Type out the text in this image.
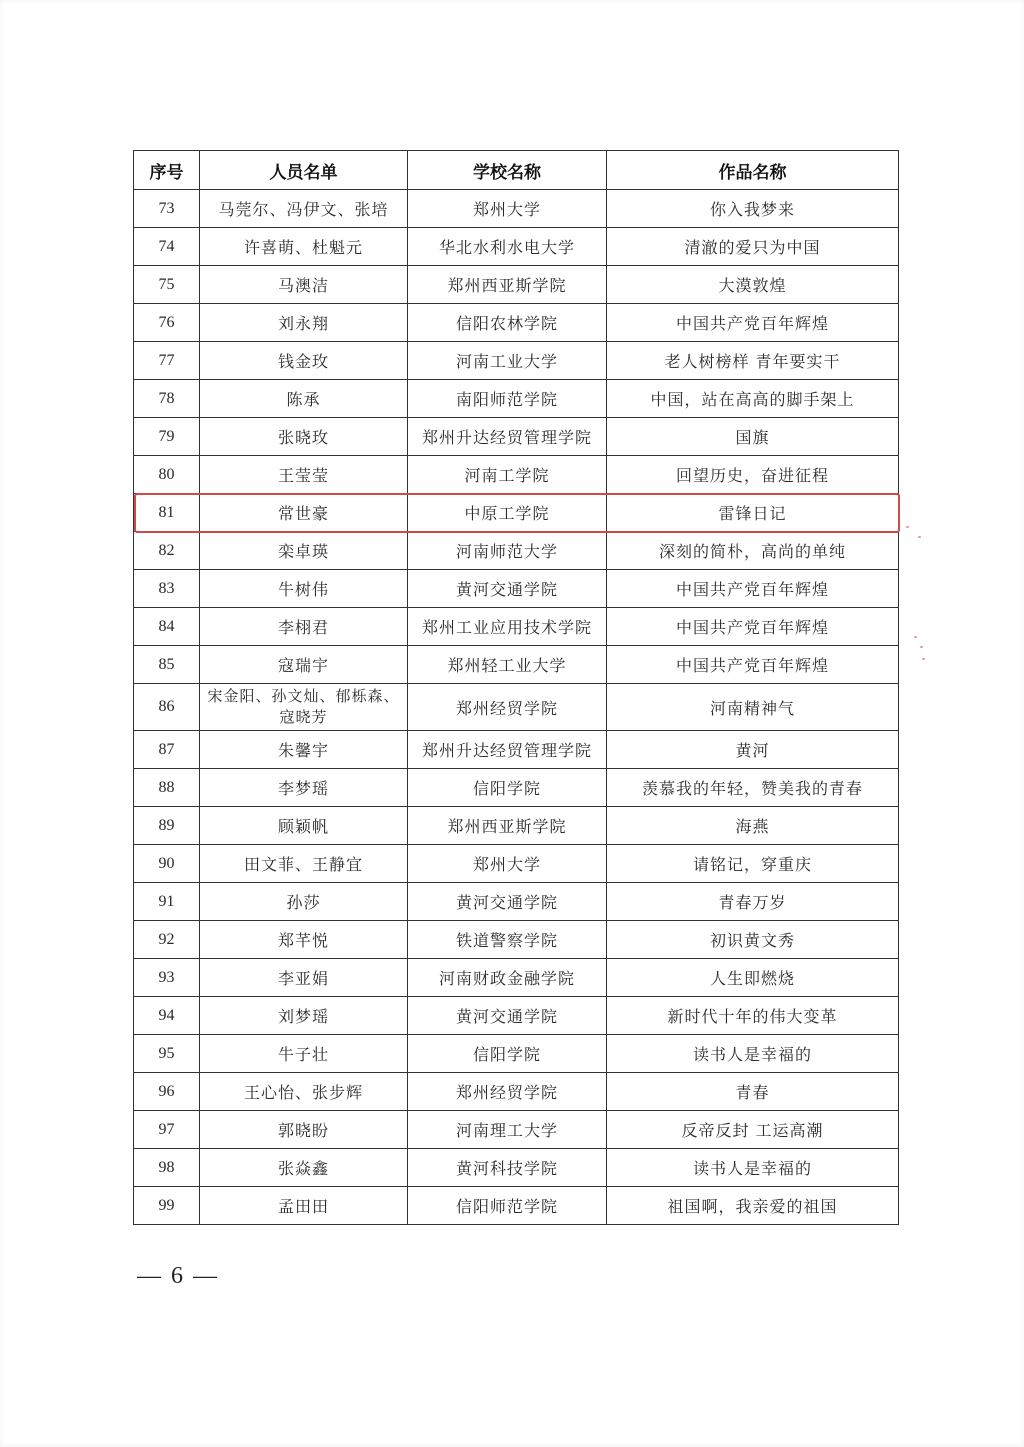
序号	人员名单	学校名称	作品名称
73	马莞尔、冯伊文、张培	郑州大学	你入我梦来
74	许喜萌、杜魁元	华北水利水电大学	清澈的爱只为中国
75	马澳洁	郑州西亚斯学院	大漠敦煌
76	刘永翔	信阳农林学院	中国共产党百年辉煌
77	钱金玫	河南工业大学	老人树榜样 青年要实干
78	陈承	南阳师范学院	中国，站在高高的脚手架上
79	张晓玫	郑州升达经贸管理学院	国旗
80	王莹莹	河南工学院	回望历史，奋进征程
81	常世豪	中原工学院	雷锋日记
82	栾卓瑛	河南师范大学	深刻的简朴，高尚的单纯
83	牛树伟	黄河交通学院	中国共产党百年辉煌
84	李栩君	郑州工业应用技术学院	中国共产党百年辉煌
85	寇瑞宇	郑州轻工业大学	中国共产党百年辉煌
86	宋金阳、孙文灿、郁栎森、寇晓芳	郑州经贸学院	河南精神气
87	朱馨宇	郑州升达经贸管理学院	黄河
88	李梦瑶	信阳学院	羡慕我的年轻，赞美我的青春
89	顾颖帆	郑州西亚斯学院	海燕
90	田文菲、王静宜	郑州大学	请铭记，穿重庆
91	孙莎	黄河交通学院	青春万岁
92	郑芊悦	铁道警察学院	初识黄文秀
93	李亚娟	河南财政金融学院	人生即燃烧
94	刘梦瑶	黄河交通学院	新时代十年的伟大变革
95	牛子壮	信阳学院	读书人是幸福的
96	王心怡、张步辉	郑州经贸学院	青春
97	郭晓盼	河南理工大学	反帝反封 工运高潮
98	张焱鑫	黄河科技学院	读书人是幸福的
99	孟田田	信阳师范学院	祖国啊，我亲爱的祖国
— 6 —
